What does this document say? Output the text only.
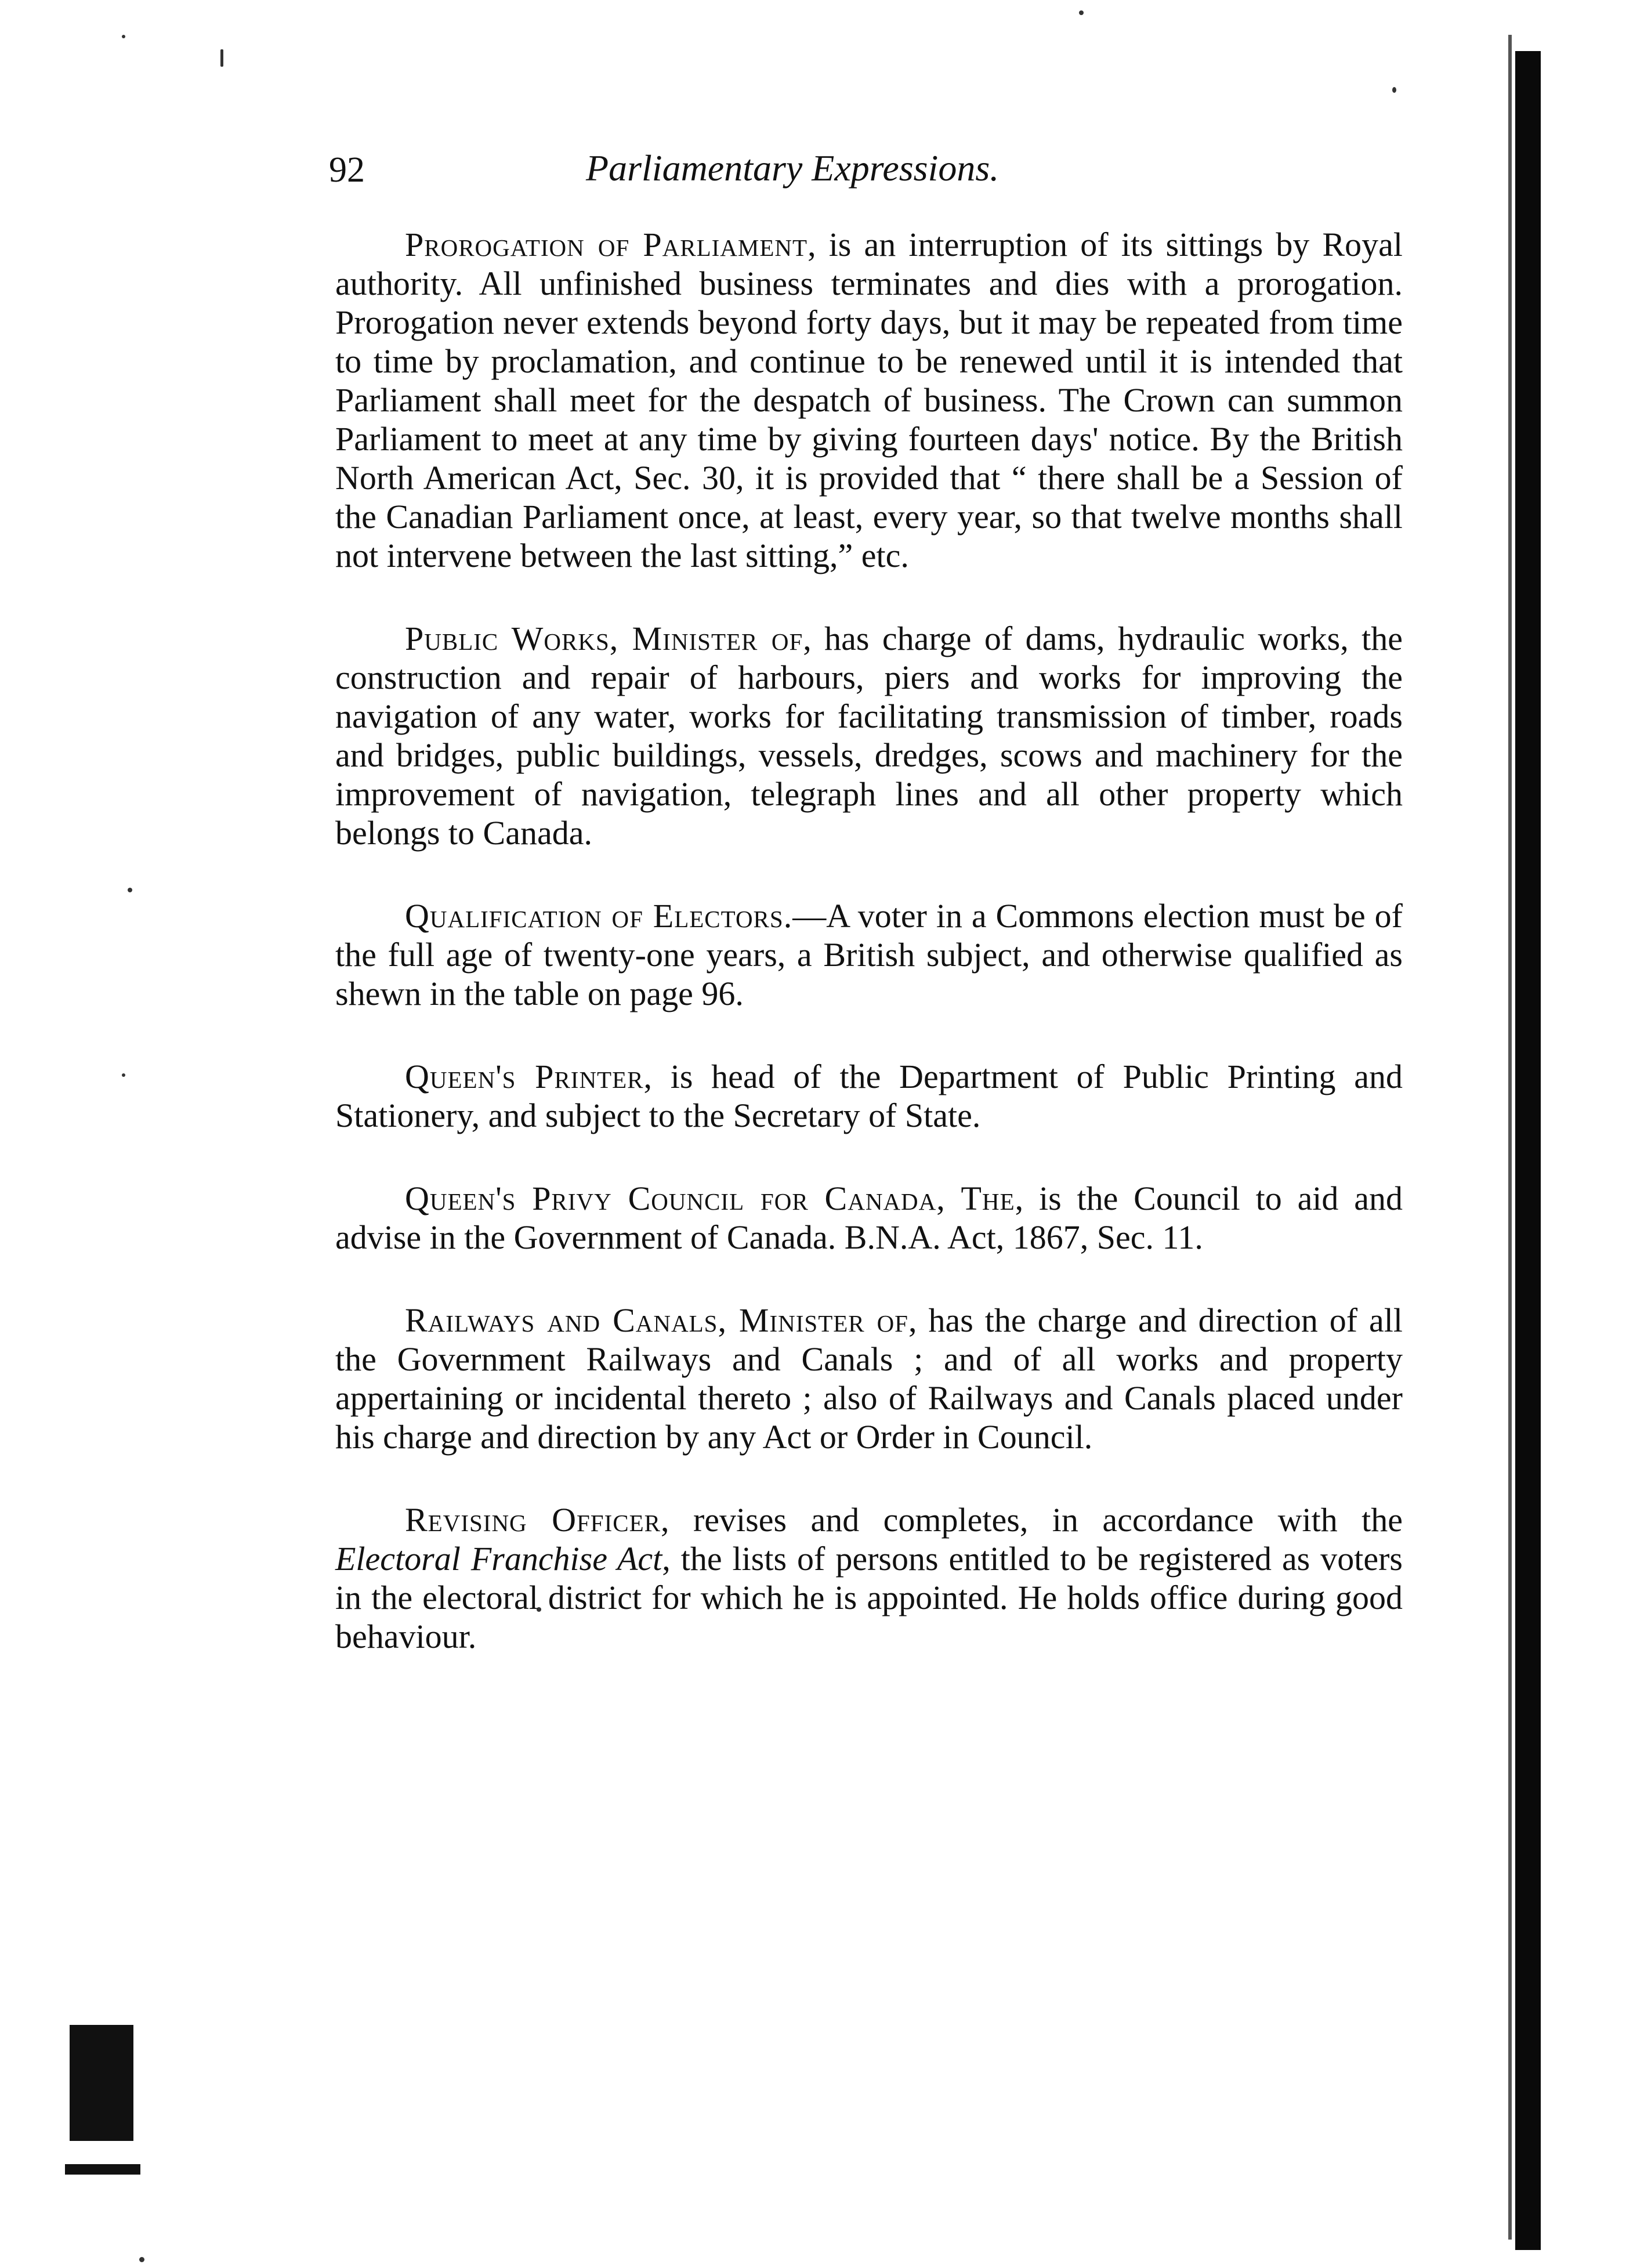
92	Parliamentary Expressions.

Prorogation of Parliament, is an interruption of its sittings by Royal authority. All unfinished business terminates and dies with a prorogation. Prorogation never extends beyond forty days, but it may be repeated from time to time by proclamation, and continue to be renewed until it is intended that Parliament shall meet for the despatch of business. The Crown can summon Parliament to meet at any time by giving fourteen days' notice. By the British North American Act, Sec. 30, it is provided that “ there shall be a Session of the Canadian Parliament once, at least, every year, so that twelve months shall not intervene between the last sitting,” etc.

Public Works, Minister of, has charge of dams, hydraulic works, the construction and repair of harbours, piers and works for improving the navigation of any water, works for facilitating transmission of timber, roads and bridges, public buildings, vessels, dredges, scows and machinery for the improvement of navigation, telegraph lines and all other property which belongs to Canada.

Qualification of Electors.—A voter in a Commons election must be of the full age of twenty-one years, a British subject, and otherwise qualified as shewn in the table on page 96.

Queen's Printer, is head of the Department of Public Printing and Stationery, and subject to the Secretary of State.

Queen's Privy Council for Canada, The, is the Council to aid and advise in the Government of Canada. B.N.A. Act, 1867, Sec. 11.

Railways and Canals, Minister of, has the charge and direction of all the Government Railways and Canals ; and of all works and property appertaining or incidental thereto ; also of Railways and Canals placed under his charge and direction by any Act or Order in Council.

Revising Officer, revises and completes, in accordance with the Electoral Franchise Act, the lists of persons entitled to be registered as voters in the electoral district for which he is appointed. He holds office during good behaviour.
